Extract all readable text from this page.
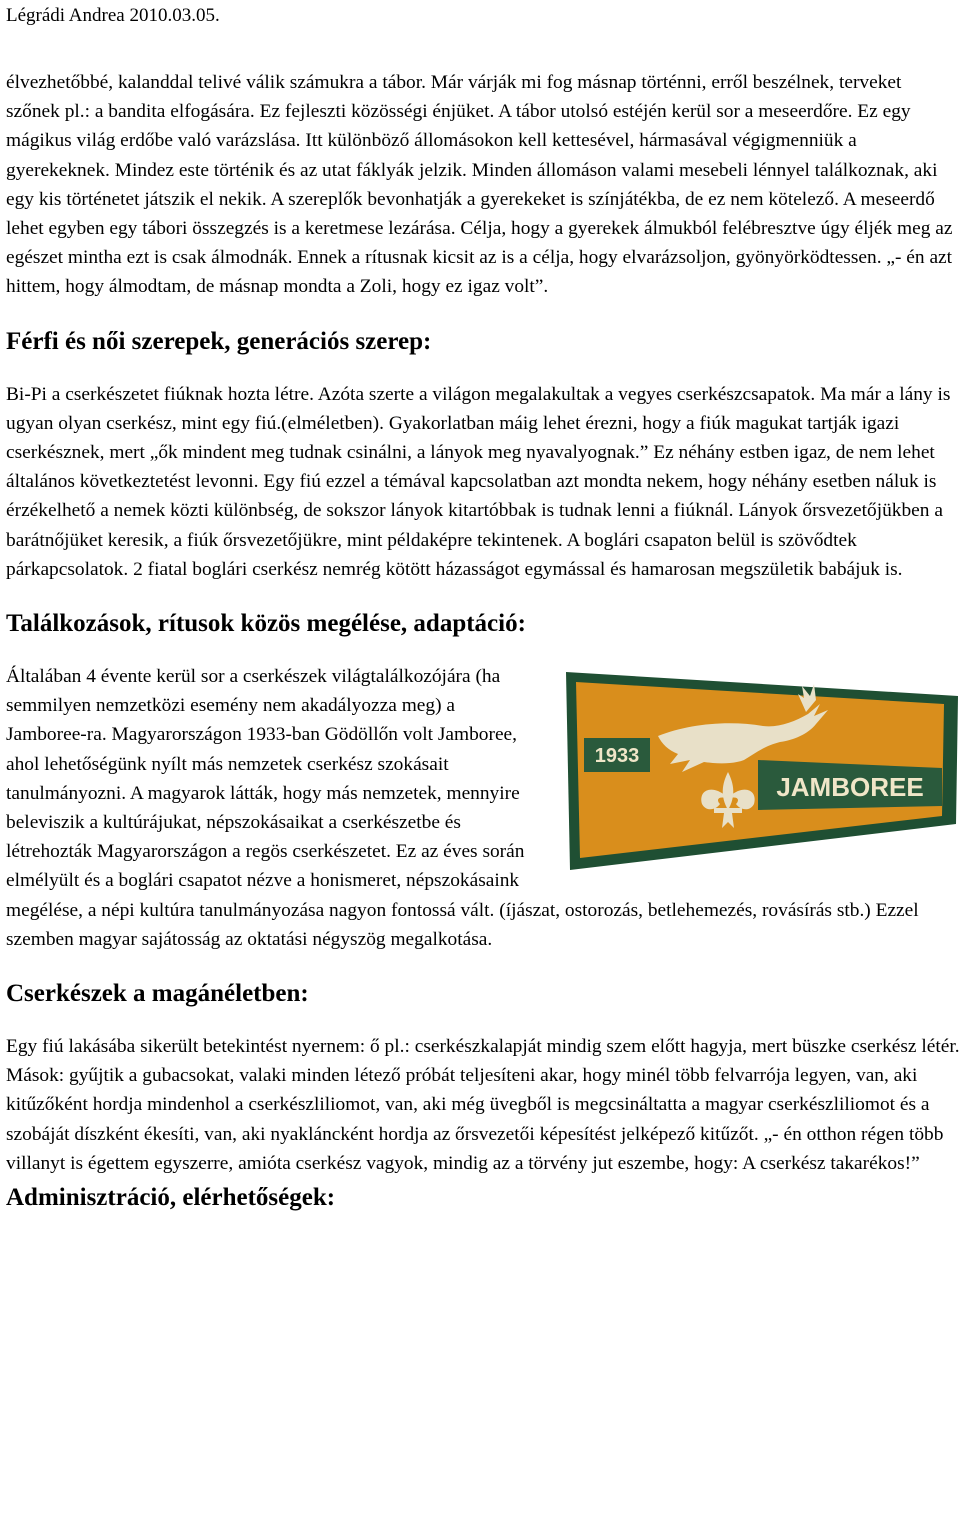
Légrádi Andrea 2010.03.05.

élvezhetőbbé, kalanddal telivé válik számukra a tábor. Már várják mi fog másnap történni, erről beszélnek, terveket szőnek pl.: a bandita elfogására. Ez fejleszti közösségi énjüket. A tábor utolsó estéjén kerül sor a meseerdőre. Ez egy mágikus világ erdőbe való varázslása. Itt különböző állomásokon kell kettesével, hármasával végigmenniük a gyerekeknek. Mindez este történik és az utat fáklyák jelzik. Minden állomáson valami mesebeli lénnyel találkoznak, aki egy kis történetet játszik el nekik. A szereplők bevonhatják a gyerekeket is színjátékba, de ez nem kötelező. A meseerdő lehet egyben egy tábori összegzés is a keretmese lezárása. Célja, hogy a gyerekek álmukból felébresztve úgy éljék meg az egészet mintha ezt is csak álmodnák. Ennek a rítusnak kicsit az is a célja, hogy elvarázsoljon, gyönyörködtessen. „- én azt hittem, hogy álmodtam, de másnap mondta a Zoli, hogy ez igaz volt”.

Férfi és női szerepek, generációs szerep:

Bi-Pi a cserkészetet fiúknak hozta létre. Azóta szerte a világon megalakultak a vegyes cserkészcsapatok. Ma már a lány is ugyan olyan cserkész, mint egy fiú.(elméletben). Gyakorlatban máig lehet érezni, hogy a fiúk magukat tartják igazi cserkésznek, mert „ők mindent meg tudnak csinálni, a lányok meg nyavalyognak.” Ez néhány estben igaz, de nem lehet általános következtetést levonni. Egy fiú ezzel a témával kapcsolatban azt mondta nekem, hogy néhány esetben náluk is érzékelhető a nemek közti különbség, de sokszor lányok kitartóbbak is tudnak lenni a fiúknál. Lányok őrsvezetőjükben a barátnőjüket keresik, a fiúk őrsvezetőjükre, mint példaképre tekintenek. A boglári csapaton belül is szövődtek párkapcsolatok. 2 fiatal boglári cserkész nemrég kötött házasságot egymással és hamarosan megszületik babájuk is.

Találkozások, rítusok közös megélése, adaptáció:
1933
JAMBOREE

Általában 4 évente kerül sor a cserkészek világtalálkozójára (ha semmilyen nemzetközi esemény nem akadályozza meg) a Jamboree-ra. Magyarországon 1933-ban Gödöllőn volt Jamboree, ahol lehetőségünk nyílt más nemzetek cserkész szokásait tanulmányozni. A magyarok látták, hogy más nemzetek, mennyire beleviszik a kultúrájukat, népszokásaikat a cserkészetbe és létrehozták Magyarországon a regös cserkészetet. Ez az éves során elmélyült és a boglári csapatot nézve a honismeret, népszokásaink megélése, a népi kultúra tanulmányozása nagyon fontossá vált. (íjászat, ostorozás, betlehemezés, rovásírás stb.) Ezzel szemben magyar sajátosság az oktatási négyszög megalkotása.

Cserkészek a magánéletben:

Egy fiú lakásába sikerült betekintést nyernem: ő pl.: cserkészkalapját mindig szem előtt hagyja, mert büszke cserkész létér. Mások: gyűjtik a gubacsokat, valaki minden létező próbát teljesíteni akar, hogy minél több felvarrója legyen, van, aki kitűzőként hordja mindenhol a cserkészliliomot, van, aki még üvegből is megcsináltatta a magyar cserkészliliomot és a szobáját díszként ékesíti, van, aki nyakláncként hordja az őrsvezetői képesítést jelképező kitűzőt. „- én otthon régen több villanyt is égettem egyszerre, amióta cserkész vagyok, mindig az a törvény jut eszembe, hogy: A cserkész takarékos!”

Adminisztráció, elérhetőségek:
